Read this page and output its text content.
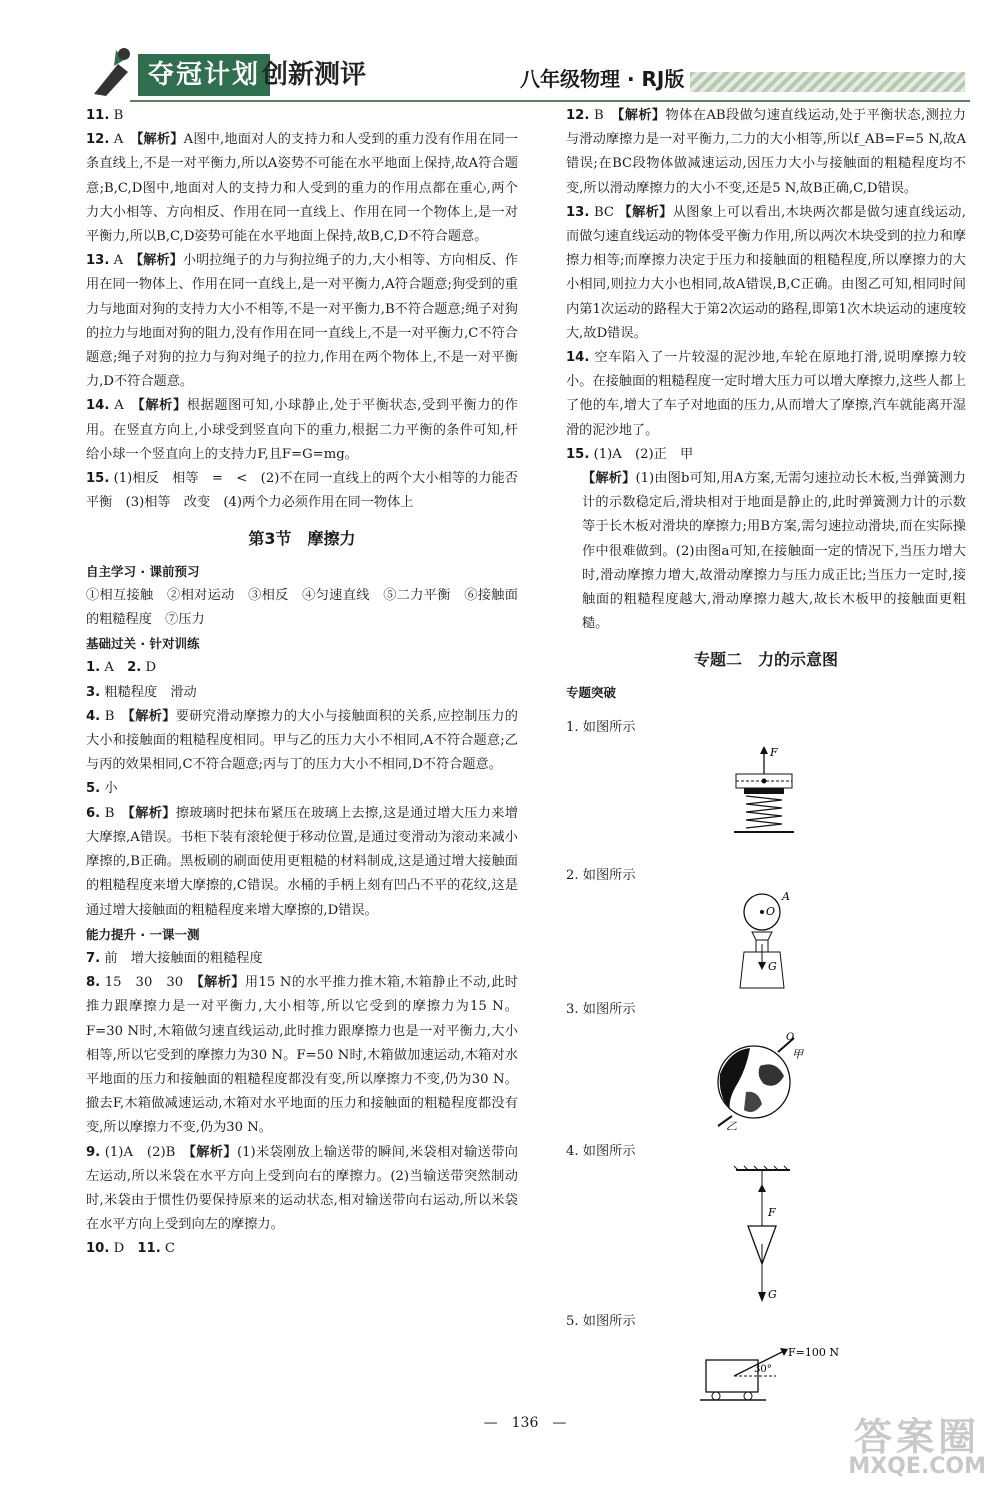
夺冠计划 创新测评	八年级物理 · RJ版
11. B
12. A　 【解析】A图中,地面对人的支持力和人受到的重力没有作用在同一条直线上,不是一对平衡力,所以A姿势不可能在水平地面上保持,故A符合题意;B,C,D图中,地面对人的支持力和人受到的重力的作用点都在重心,两个力大小相等、方向相反、作用在同一直线上、作用在同一个物体上,是一对平衡力,所以B,C,D姿势可能在水平地面上保持,故B,C,D不符合题意。
13. A　 【解析】小明拉绳子的力与狗拉绳子的力,大小相等、方向相反、作用在同一物体上、作用在同一直线上,是一对平衡力,A符合题意;狗受到的重力与地面对狗的支持力大小不相等,不是一对平衡力,B不符合题意;绳子对狗的拉力与地面对狗的阻力,没有作用在同一直线上,不是一对平衡力,C不符合题意;绳子对狗的拉力与狗对绳子的拉力,作用在两个物体上,不是一对平衡力,D不符合题意。
14. A　 【解析】根据题图可知,小球静止,处于平衡状态,受到平衡力的作用。在竖直方向上,小球受到竖直向下的重力,根据二力平衡的条件可知,杆给小球一个竖直向上的支持力F,且F=G=mg。
15. (1)相反　相等　=　<　(2)不在同一直线上的两个大小相等的力能否平衡　(3)相等　改变　(4)两个力必须作用在同一物体上
第3节　摩擦力
自主学习 · 课前预习
①相互接触　②相对运动　③相反　④匀速直线　⑤二力平衡　⑥接触面的粗糙程度　⑦压力
基础过关 · 针对训练
1. A　2. D
3. 粗糙程度　滑动
4. B　 【解析】要研究滑动摩擦力的大小与接触面积的关系,应控制压力的大小和接触面的粗糙程度相同。甲与乙的压力大小不相同,A不符合题意;乙与丙的效果相同,C不符合题意;丙与丁的压力大小不相同,D不符合题意。
5. 小
6. B　 【解析】擦玻璃时把抹布紧压在玻璃上去擦,这是通过增大压力来增大摩擦,A错误。书柜下装有滚轮便于移动位置,是通过变滑动为滚动来减小摩擦的,B正确。黑板刷的刷面使用更粗糙的材料制成,这是通过增大接触面的粗糙程度来增大摩擦的,C错误。水桶的手柄上刻有凹凸不平的花纹,这是通过增大接触面的粗糙程度来增大摩擦的,D错误。
能力提升 · 一课一测
7. 前　增大接触面的粗糙程度
8. 15　30　30　 【解析】用15 N的水平推力推木箱,木箱静止不动,此时推力跟摩擦力是一对平衡力,大小相等,所以它受到的摩擦力为15 N。F=30 N时,木箱做匀速直线运动,此时推力跟摩擦力也是一对平衡力,大小相等,所以它受到的摩擦力为30 N。F=50 N时,木箱做加速运动,木箱对水平地面的压力和接触面的粗糙程度都没有变,所以摩擦力不变,仍为30 N。撤去F,木箱做减速运动,木箱对水平地面的压力和接触面的粗糙程度都没有变,所以摩擦力不变,仍为30 N。
9. (1)A　(2)B　 【解析】(1)米袋刚放上输送带的瞬间,米袋相对输送带向左运动,所以米袋在水平方向上受到向右的摩擦力。(2)当输送带突然制动时,米袋由于惯性仍要保持原来的运动状态,相对输送带向右运动,所以米袋在水平方向上受到向左的摩擦力。
10. D　11. C
12. B　 【解析】物体在AB段做匀速直线运动,处于平衡状态,测拉力与滑动摩擦力是一对平衡力,二力的大小相等,所以f_AB=F=5 N,故A错误;在BC段物体做减速运动,因压力大小与接触面的粗糙程度均不变,所以滑动摩擦力的大小不变,还是5 N,故B正确,C,D错误。
13. BC 【解析】从图象上可以看出,木块两次都是做匀速直线运动,而做匀速直线运动的物体受平衡力作用,所以两次木块受到的拉力和摩擦力相等;而摩擦力决定于压力和接触面的粗糙程度,所以摩擦力的大小相同,则拉力大小也相同,故A错误,B,C正确。由图乙可知,相同时间内第1次运动的路程大于第2次运动的路程,即第1次木块运动的速度较大,故D错误。
14. 空车陷入了一片较湿的泥沙地,车轮在原地打滑,说明摩擦力较小。在接触面的粗糙程度一定时增大压力可以增大摩擦力,这些人都上了他的车,增大了车子对地面的压力,从而增大了摩擦,汽车就能离开湿滑的泥沙地了。
15. (1)A　(2)正　甲
【解析】(1)由图b可知,用A方案,无需匀速拉动长木板,当弹簧测力计的示数稳定后,滑块相对于地面是静止的,此时弹簧测力计的示数等于长木板对滑块的摩擦力;用B方案,需匀速拉动滑块,而在实际操作中很难做到。(2)由图a可知,在接触面一定的情况下,当压力增大时,滑动摩擦力增大,故滑动摩擦力与压力成正比;当压力一定时,接触面的粗糙程度越大,滑动摩擦力越大,故长木板甲的接触面更粗糙。
专题二　力的示意图
专题突破
1. 如图所示
2. 如图所示
3. 如图所示
4. 如图所示
5. 如图所示
F
O
A
G
O
甲
乙
F
G
30°
F=100 N
—　136　—	答案圈
MXQE.COM
